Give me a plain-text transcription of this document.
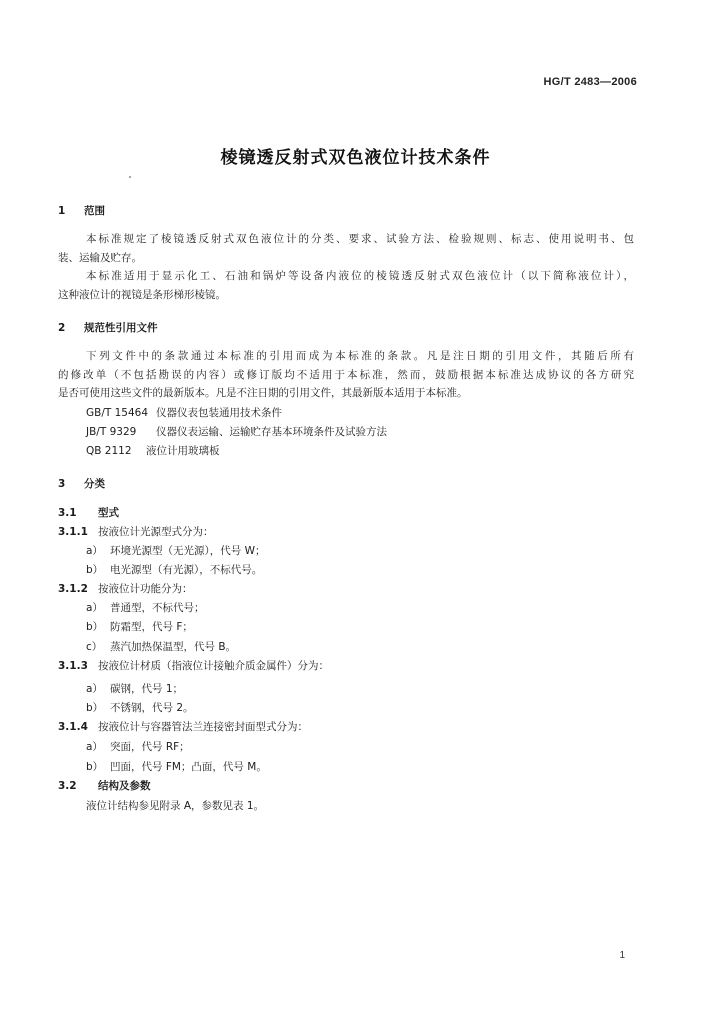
HG/T 2483—2006
棱镜透反射式双色液位计技术条件
1 范围
本标准规定了棱镜透反射式双色液位计的分类、要求、试验方法、检验规则、标志、使用说明书、包
装、运输及贮存。
本标准适用于显示化工、石油和锅炉等设备内液位的棱镜透反射式双色液位计（以下简称液位计），
这种液位计的视镜是条形梯形棱镜。
2 规范性引用文件
下列文件中的条款通过本标准的引用而成为本标准的条款。凡是注日期的引用文件，其随后所有
的修改单（不包括勘误的内容）或修订版均不适用于本标准，然而，鼓励根据本标准达成协议的各方研究
是否可使用这些文件的最新版本。凡是不注日期的引用文件，其最新版本适用于本标准。
GB/T 15464 仪器仪表包装通用技术条件
JB/T 9329 仪器仪表运输、运输贮存基本环境条件及试验方法
QB 2112 液位计用玻璃板
3 分类
3.1 型式
3.1.1 按液位计光源型式分为：
a） 环境光源型（无光源），代号 W；
b） 电光源型（有光源），不标代号。
3.1.2 按液位计功能分为：
a） 普通型，不标代号；
b） 防霜型，代号 F；
c） 蒸汽加热保温型，代号 B。
3.1.3 按液位计材质（指液位计接触介质金属件）分为：
a） 碳钢，代号 1；
b） 不锈钢，代号 2。
3.1.4 按液位计与容器管法兰连接密封面型式分为：
a） 突面，代号 RF；
b） 凹面，代号 FM；凸面，代号 M。
3.2 结构及参数
液位计结构参见附录 A，参数见表 1。
1
